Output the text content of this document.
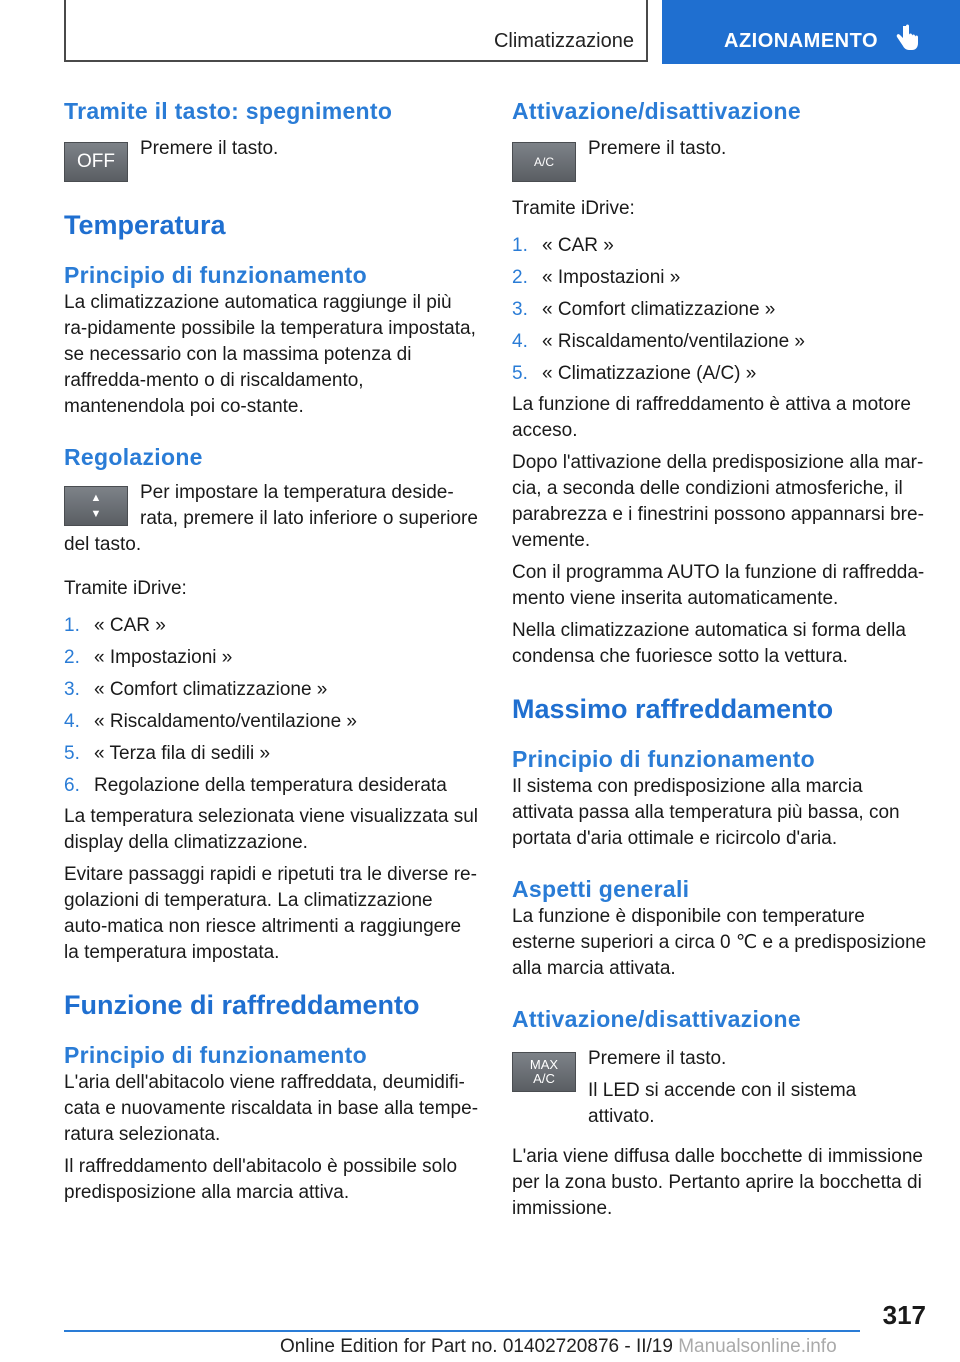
Climatizzazione	AZIONAMENTO
Tramite il tasto: spegnimento
OFF

Premere il tasto.

Temperatura
Principio di funzionamento

La climatizzazione automatica raggiunge il più ra-pidamente possibile la temperatura impostata, se necessario con la massima potenza di raffredda-mento o di riscaldamento, mantenendola poi co-stante.

Regolazione
▲
▼

Per impostare la temperatura deside-rata, premere il lato inferiore o superiore

del tasto.

Tramite iDrive:

1. « CAR »
2. « Impostazioni »
3. « Comfort climatizzazione »
4. « Riscaldamento/ventilazione »
5. « Terza fila di sedili »
6. Regolazione della temperatura desiderata

La temperatura selezionata viene visualizzata sul display della climatizzazione.

Evitare passaggi rapidi e ripetuti tra le diverse re-golazioni di temperatura. La climatizzazione auto-matica non riesce altrimenti a raggiungere la temperatura impostata.

Funzione di raffreddamento
Principio di funzionamento

L'aria dell'abitacolo viene raffreddata, deumidifi-cata e nuovamente riscaldata in base alla tempe-ratura selezionata.

Il raffreddamento dell'abitacolo è possibile solo predisposizione alla marcia attiva.

Attivazione/disattivazione
A/C

Premere il tasto.

Tramite iDrive:

1. « CAR »
2. « Impostazioni »
3. « Comfort climatizzazione »
4. « Riscaldamento/ventilazione »
5. « Climatizzazione (A/C) »

La funzione di raffreddamento è attiva a motore acceso.

Dopo l'attivazione della predisposizione alla mar-cia, a seconda delle condizioni atmosferiche, il parabrezza e i finestrini possono appannarsi bre-vemente.

Con il programma AUTO la funzione di raffredda-mento viene inserita automaticamente.

Nella climatizzazione automatica si forma della condensa che fuoriesce sotto la vettura.

Massimo raffreddamento
Principio di funzionamento

Il sistema con predisposizione alla marcia attivata passa alla temperatura più bassa, con portata d'aria ottimale e ricircolo d'aria.

Aspetti generali

La funzione è disponibile con temperature esterne superiori a circa 0 ℃ e a predisposizione alla marcia attivata.

Attivazione/disattivazione
MAX
A/C

Premere il tasto.

Il LED si accende con il sistema attivato.

L'aria viene diffusa dalle bocchette di immissione per la zona busto. Pertanto aprire la bocchetta di immissione.

317
Online Edition for Part no. 01402720876 - II/19 Manualsonline.info
